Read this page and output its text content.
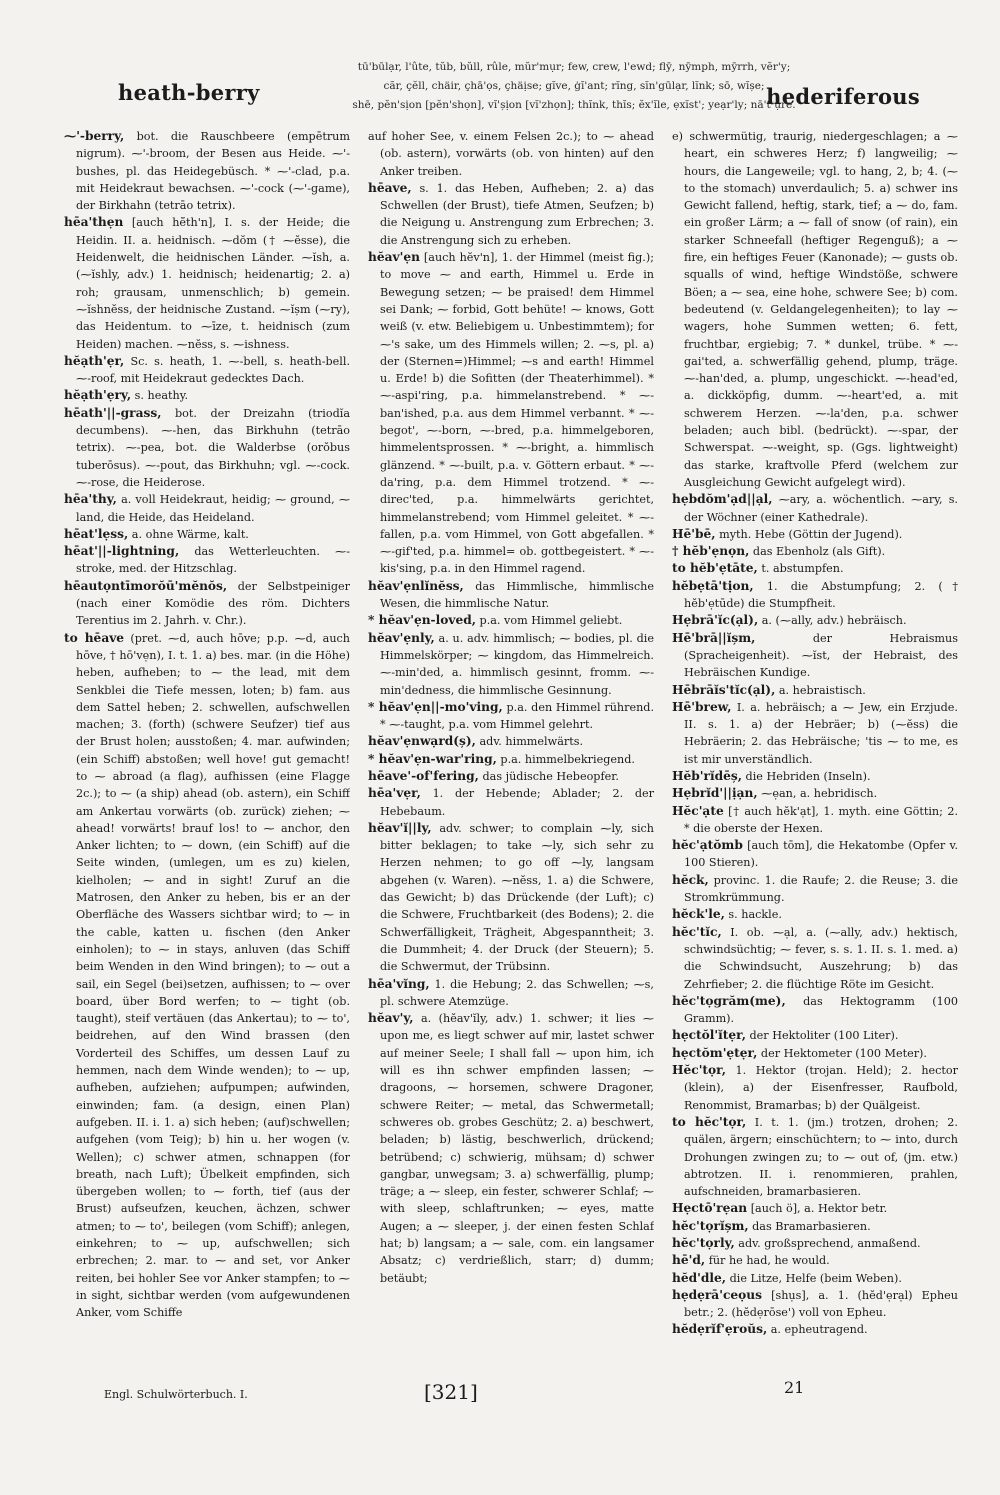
heath-berry
tū'būlạr, l'ûte, tŭb, bŭll, rûle, mŭr'mụr; few, crew, l'ewd; flȳ, nȳmph, mȳrrh, vĕr'y;
cãr, çĕll, chäir, çhā'ọs, çhäịse; gĭve, ġĭ'ant; rĭng, sĭn'gūlạr, lĭnk; sō, wĭșe;
shē, pĕn'sịon [pĕn'shọn], vĭ'șịon [vĭ'zhọn]; thĭnk, thĭs; ĕx'ĭle, ẹxĭst'; yeạr'ly; nā'tˢụre.
hederiferous

⁓'-berry, bot. die Rauschbeere (empētrum nigrum). ⁓'-broom, der Besen aus Heide. ⁓'-bushes, pl. das Heidegebüsch. * ⁓'-clad, p.a. mit Heidekraut bewachsen. ⁓'-cock (⁓'-game), der Birkhahn (tetrāo tetrix).

hēa'thẹn [auch hē̆th'n], I. s. der Heide; die Heidin. II. a. heidnisch. ⁓dŏm († ⁓ĕsse), die Heidenwelt, die heidnischen Länder. ⁓ĭsh, a. (⁓ĭshly, adv.) 1. heidnisch; heidenartig; 2. a) roh; grausam, unmenschlich; b) gemein. ⁓ĭshnĕss, der heidnische Zustand. ⁓ĭșm (⁓ry), das Heidentum. to ⁓īze, t. heidnisch (zum Heiden) machen. ⁓nĕss, s. ⁓ishness.

hĕạth'ẹr, Sc. s. heath, 1. ⁓-bell, s. heath-bell. ⁓-roof, mit Heidekraut gedecktes Dach.

hĕạth'ẹry, s. heathy.

hēath'||-grass, bot. der Dreizahn (triodĭa decumbens). ⁓-hen, das Birkhuhn (tetrāo tetrix). ⁓-pea, bot. die Walderbse (orŏbus tuberōsus). ⁓-pout, das Birkhuhn; vgl. ⁓-cock. ⁓-rose, die Heiderose.

hēa'thy, a. voll Heidekraut, heidig; ⁓ ground, ⁓ land, die Heide, das Heideland.

hēat'lẹss, a. ohne Wärme, kalt.

hēat'||-lightning, das Wetterleuchten. ⁓-stroke, med. der Hitzschlag.

hēautọntīmorŏū'mĕnŏs, der Selbstpeiniger (nach einer Komödie des röm. Dichters Terentius im 2. Jahrh. v. Chr.).

to hēave (pret. ⁓d, auch hōve; p.p. ⁓d, auch hōve, † hō'vẹn), I. t. 1. a) bes. mar. (in die Höhe) heben, aufheben; to ⁓ the lead, mit dem Senkblei die Tiefe messen, loten; b) fam. aus dem Sattel heben; 2. schwellen, aufschwellen machen; 3. (forth) (schwere Seufzer) tief aus der Brust holen; ausstoßen; 4. mar. aufwinden; (ein Schiff) abstoßen; well hove! gut gemacht! to ⁓ abroad (a flag), aufhissen (eine Flagge 2c.); to ⁓ (a ship) ahead (ob. astern), ein Schiff am Ankertau vorwärts (ob. zurück) ziehen; ⁓ ahead! vorwärts! brauf los! to ⁓ anchor, den Anker lichten; to ⁓ down, (ein Schiff) auf die Seite winden, (umlegen, um es zu) kielen, kielholen; ⁓ and in sight! Zuruf an die Matrosen, den Anker zu heben, bis er an der Oberfläche des Wassers sichtbar wird; to ⁓ in the cable, katten u. fischen (den Anker einholen); to ⁓ in stays, anluven (das Schiff beim Wenden in den Wind bringen); to ⁓ out a sail, ein Segel (bei)setzen, aufhissen; to ⁓ over board, über Bord werfen; to ⁓ tight (ob. taught), steif vertäuen (das Ankertau); to ⁓ to', beidrehen, auf den Wind brassen (den Vorderteil des Schiffes, um dessen Lauf zu hemmen, nach dem Winde wenden); to ⁓ up, aufheben, aufziehen; aufpumpen; aufwinden, einwinden; fam. (a design, einen Plan) aufgeben. II. i. 1. a) sich heben; (auf)schwellen; aufgehen (vom Teig); b) hin u. her wogen (v. Wellen); c) schwer atmen, schnappen (for breath, nach Luft); Übelkeit empfinden, sich übergeben wollen; to ⁓ forth, tief (aus der Brust) aufseufzen, keuchen, ächzen, schwer atmen; to ⁓ to', beilegen (vom Schiff); anlegen, einkehren; to ⁓ up, aufschwellen; sich erbrechen; 2. mar. to ⁓ and set, vor Anker reiten, bei hohler See vor Anker stampfen; to ⁓ in sight, sichtbar werden (vom aufgewundenen Anker, vom Schiffe

auf hoher See, v. einem Felsen 2c.); to ⁓ ahead (ob. astern), vorwärts (ob. von hinten) auf den Anker treiben.

hēave, s. 1. das Heben, Aufheben; 2. a) das Schwellen (der Brust), tiefe Atmen, Seufzen; b) die Neigung u. Anstrengung zum Erbrechen; 3. die Anstrengung sich zu erheben.

hĕav'ẹn [auch hĕv'n], 1. der Himmel (meist fig.); to move ⁓ and earth, Himmel u. Erde in Bewegung setzen; ⁓ be praised! dem Himmel sei Dank; ⁓ forbid, Gott behüte! ⁓ knows, Gott weiß (v. etw. Beliebigem u. Unbestimmtem); for ⁓'s sake, um des Himmels willen; 2. ⁓s, pl. a) der (Sternen=)Himmel; ⁓s and earth! Himmel u. Erde! b) die Sofitten (der Theaterhimmel). * ⁓-aspi'ring, p.a. himmelanstrebend. * ⁓-ban'ished, p.a. aus dem Himmel verbannt. * ⁓-begot', ⁓-born, ⁓-bred, p.a. himmelgeboren, himmelentsprossen. * ⁓-bright, a. himmlisch glänzend. * ⁓-built, p.a. v. Göttern erbaut. * ⁓-da'ring, p.a. dem Himmel trotzend. * ⁓-direc'ted, p.a. himmelwärts gerichtet, himmelanstrebend; vom Himmel geleitet. * ⁓-fallen, p.a. vom Himmel, von Gott abgefallen. * ⁓-gif'ted, p.a. himmel= ob. gottbegeistert. * ⁓-kis'sing, p.a. in den Himmel ragend.

hĕav'ẹnlĭnĕss, das Himmlische, himmlische Wesen, die himmlische Natur.

* hĕav'ẹn-loved, p.a. vom Himmel geliebt.

hĕav'ẹnly, a. u. adv. himmlisch; ⁓ bodies, pl. die Himmelskörper; ⁓ kingdom, das Himmelreich. ⁓-min'ded, a. himmlisch gesinnt, fromm. ⁓-min'dedness, die himmlische Gesinnung.

* hĕav'ẹn||-mo'ving, p.a. den Himmel rührend. * ⁓-taught, p.a. vom Himmel gelehrt.

hĕav'ẹnwạrd(ș), adv. himmelwärts.

* hĕav'ẹn-war'ring, p.a. himmelbekriegend.

hēave'-of'fering, das jüdische Hebeopfer.

hēa'vẹr, 1. der Hebende; Ablader; 2. der Hebebaum.

hĕav'ĭ||ly, adv. schwer; to complain ⁓ly, sich bitter beklagen; to take ⁓ly, sich sehr zu Herzen nehmen; to go off ⁓ly, langsam abgehen (v. Waren). ⁓nĕss, 1. a) die Schwere, das Gewicht; b) das Drückende (der Luft); c) die Schwere, Fruchtbarkeit (des Bodens); 2. die Schwerfälligkeit, Trägheit, Abgespanntheit; 3. die Dummheit; 4. der Druck (der Steuern); 5. die Schwermut, der Trübsinn.

hēa'vĭng, 1. die Hebung; 2. das Schwellen; ⁓s, pl. schwere Atemzüge.

hĕav'y, a. (hĕav'ĭly, adv.) 1. schwer; it lies ⁓ upon me, es liegt schwer auf mir, lastet schwer auf meiner Seele; I shall fall ⁓ upon him, ich will es ihn schwer empfinden lassen; ⁓ dragoons, ⁓ horsemen, schwere Dragoner, schwere Reiter; ⁓ metal, das Schwermetall; schweres ob. grobes Geschütz; 2. a) beschwert, beladen; b) lästig, beschwerlich, drückend; betrübend; c) schwierig, mühsam; d) schwer gangbar, unwegsam; 3. a) schwerfällig, plump; träge; a ⁓ sleep, ein fester, schwerer Schlaf; ⁓ with sleep, schlaftrunken; ⁓ eyes, matte Augen; a ⁓ sleeper, j. der einen festen Schlaf hat; b) langsam; a ⁓ sale, com. ein langsamer Absatz; c) verdrießlich, starr; d) dumm; betäubt;

e) schwermütig, traurig, niedergeschlagen; a ⁓ heart, ein schweres Herz; f) langweilig; ⁓ hours, die Langeweile; vgl. to hang, 2, b; 4. (⁓ to the stomach) unverdaulich; 5. a) schwer ins Gewicht fallend, heftig, stark, tief; a ⁓ do, fam. ein großer Lärm; a ⁓ fall of snow (of rain), ein starker Schneefall (heftiger Regenguß); a ⁓ fire, ein heftiges Feuer (Kanonade); ⁓ gusts ob. squalls of wind, heftige Windstöße, schwere Böen; a ⁓ sea, eine hohe, schwere See; b) com. bedeutend (v. Geldangelegenheiten); to lay ⁓ wagers, hohe Summen wetten; 6. fett, fruchtbar, ergiebig; 7. * dunkel, trübe. * ⁓-gai'ted, a. schwerfällig gehend, plump, träge. ⁓-han'ded, a. plump, ungeschickt. ⁓-head'ed, a. dickköpfig, dumm. ⁓-heart'ed, a. mit schwerem Herzen. ⁓-la'den, p.a. schwer beladen; auch bibl. (bedrückt). ⁓-spar, der Schwerspat. ⁓-weight, sp. (Ggs. lightweight) das starke, kraftvolle Pferd (welchem zur Ausgleichung Gewicht aufgelegt wird).

hẹbdŏm'ạd||ạl, ⁓ary, a. wöchentlich. ⁓ary, s. der Wöchner (einer Kathedrale).

Hē'bē, myth. Hebe (Göttin der Jugend).

† hĕb'ẹnọn, das Ebenholz (als Gift).

to hĕb'ẹtāte, t. abstumpfen.

hĕbẹtā'tịon, 1. die Abstumpfung; 2. († hĕb'ẹtūde) die Stumpfheit.

Hẹbrā'ĭc(ạl), a. (⁓ally, adv.) hebräisch.

Hē'brā||ĭșm,	der Hebraismus (Spracheigenheit). ⁓ĭst, der Hebraist, des Hebräischen Kundige.

Hēbrāĭs'tĭc(ạl), a. hebraistisch.

Hē'brew, I. a. hebräisch; a ⁓ Jew, ein Erzjude. II. s. 1. a) der Hebräer; b) (⁓ĕss) die Hebräerin; 2. das Hebräische; 'tis ⁓ to me, es ist mir unverständlich.

Hĕb'rĭdēș, die Hebriden (Inseln).

Hẹbrĭd'||ịạn, ⁓ẹan, a. hebridisch.

Hĕc'ạte [† auch hĕk'ạt], 1. myth. eine Göttin; 2. * die oberste der Hexen.

hĕc'ạtŏmb [auch tōm], die Hekatombe (Opfer v. 100 Stieren).

hĕck, provinc. 1. die Raufe; 2. die Reuse; 3. die Stromkrümmung.

hĕck'le, s. hackle.

hĕc'tĭc, I. ob. ⁓ạl, a. (⁓ally, adv.) hektisch, schwindsüchtig; ⁓ fever, s. s. 1. II. s. 1. med. a) die Schwindsucht, Auszehrung; b) das Zehrfieber; 2. die flüchtige Röte im Gesicht.

hĕc'tọgrăm(me), das Hektogramm (100 Gramm).

hẹctŏl'ĭtẹr, der Hektoliter (100 Liter).

hẹctŏm'ẹtẹr, der Hektometer (100 Meter).

Hĕc'tọr, 1. Hektor (trojan. Held); 2. hector (klein), a) der Eisenfresser, Raufbold, Renommist, Bramarbas; b) der Quälgeist.

to hĕc'tọr, I. t. 1. (jm.) trotzen, drohen; 2. quälen, ärgern; einschüchtern; to ⁓ into, durch Drohungen zwingen zu; to ⁓ out of, (jm. etw.) abtrotzen. II. i. renommieren, prahlen, aufschneiden, bramarbasieren.

Hẹctō'rẹan [auch ö], a. Hektor betr.

hĕc'tọrĭșm, das Bramarbasieren.

hĕc'tọrly, adv. großsprechend, anmaßend.

hē'd, für he had, he would.

hĕd'dle, die Litze, Helfe (beim Weben).

hẹdẹrā'ceọus [shụs], a. 1. (hĕd'ẹrạl) Epheu betr.; 2. (hĕdẹrōse') voll von Epheu.

hĕdẹrĭf'ẹroŭs, a. epheutragend.

Engl. Schulwörterbuch. I.	[321]	21
